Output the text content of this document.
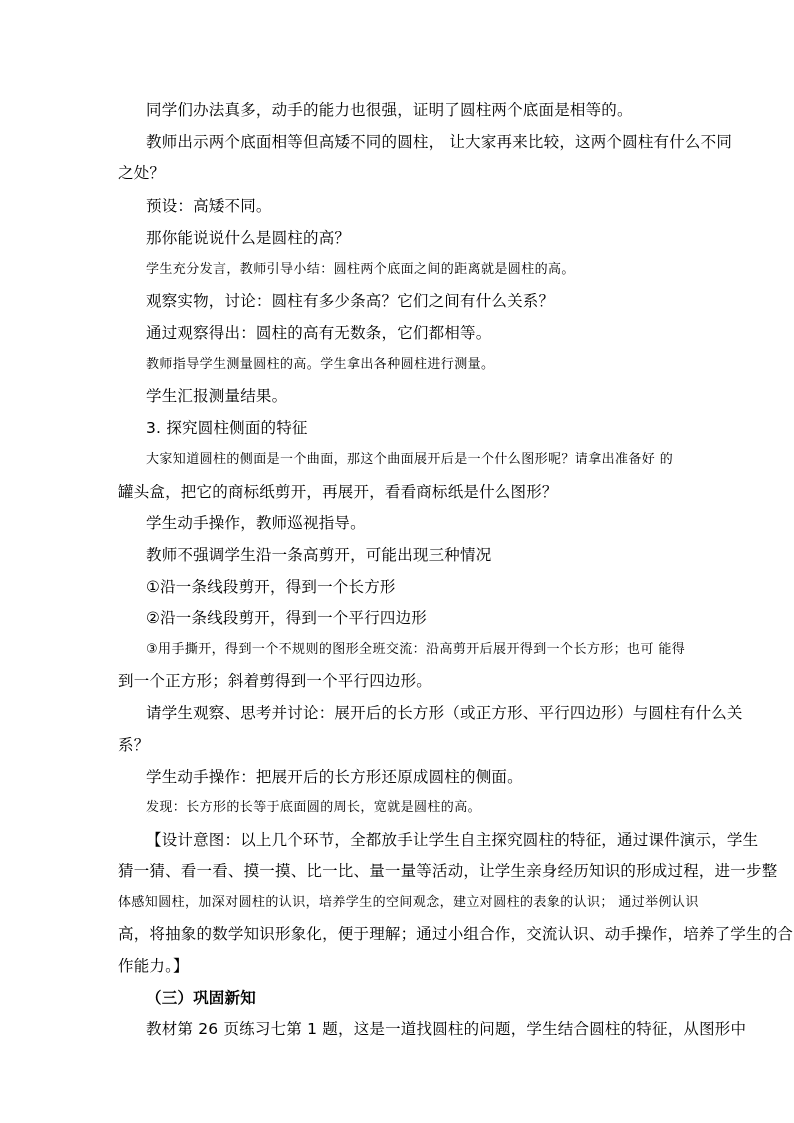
同学们办法真多，动手的能力也很强，证明了圆柱两个底面是相等的。
教师出示两个底面相等但高矮不同的圆柱， 让大家再来比较，这两个圆柱有什么不同
之处？
预设：高矮不同。
那你能说说什么是圆柱的高？
学生充分发言，教师引导小结：圆柱两个底面之间的距离就是圆柱的高。
观察实物，讨论：圆柱有多少条高？它们之间有什么关系？
通过观察得出：圆柱的高有无数条，它们都相等。
教师指导学生测量圆柱的高。学生拿出各种圆柱进行测量。
学生汇报测量结果。
3. 探究圆柱侧面的特征
大家知道圆柱的侧面是一个曲面，那这个曲面展开后是一个什么图形呢？请拿出准备好 的
罐头盒，把它的商标纸剪开，再展开，看看商标纸是什么图形？
学生动手操作，教师巡视指导。
教师不强调学生沿一条高剪开，可能出现三种情况
①沿一条线段剪开，得到一个长方形
②沿一条线段剪开，得到一个平行四边形
③用手撕开，得到一个不规则的图形全班交流：沿高剪开后展开得到一个长方形；也可 能得
到一个正方形；斜着剪得到一个平行四边形。
请学生观察、思考并讨论：展开后的长方形（或正方形、平行四边形）与圆柱有什么关
系？
学生动手操作：把展开后的长方形还原成圆柱的侧面。
发现：长方形的长等于底面圆的周长，宽就是圆柱的高。
【设计意图：以上几个环节，全都放手让学生自主探究圆柱的特征，通过课件演示，学生
猜一猜、看一看、摸一摸、比一比、量一量等活动，让学生亲身经历知识的形成过程，进一步整
体感知圆柱，加深对圆柱的认识，培养学生的空间观念，建立对圆柱的表象的认识； 通过举例认识
高，将抽象的数学知识形象化，便于理解；通过小组合作，交流认识、动手操作，培养了学生的合
作能力。】
（三）巩固新知
教材第 26 页练习七第 1 题，这是一道找圆柱的问题，学生结合圆柱的特征，从图形中
